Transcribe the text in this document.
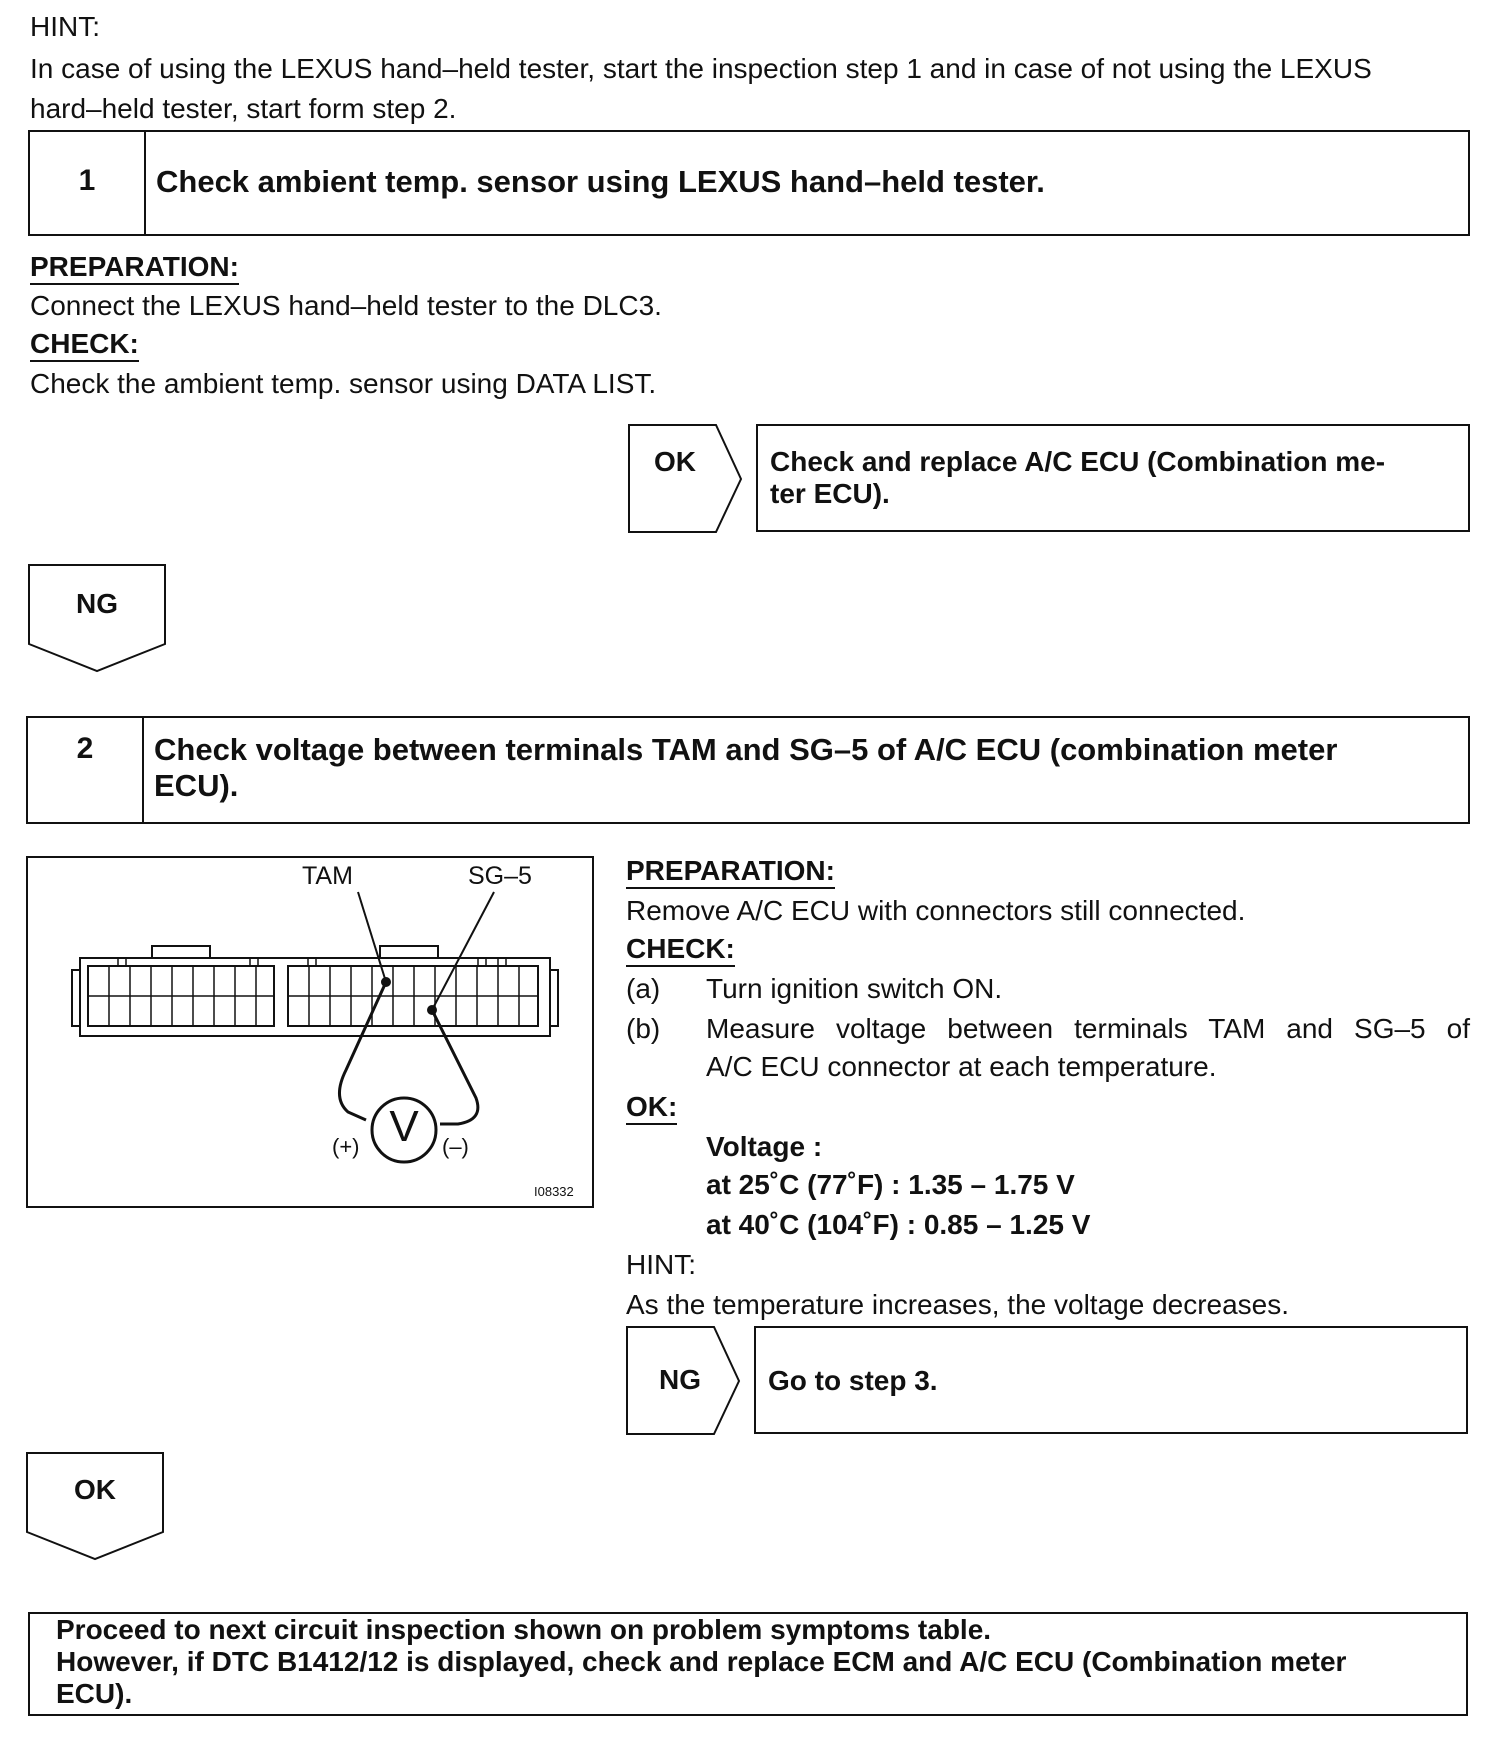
HINT:
In case of using the LEXUS hand–held tester, start the inspection step 1 and in case of not using the LEXUS
hard–held tester, start form step 2.
1	Check ambient temp. sensor using LEXUS hand–held tester.
PREPARATION:
Connect the LEXUS hand–held tester to the DLC3.
CHECK:
Check the ambient temp. sensor using DATA LIST.
OK	Check and replace A/C ECU (Combination me-
ter ECU).
NG
2	Check voltage between terminals TAM and SG–5 of A/C ECU (combination meter
ECU).
TAM	SG–5
V
(+)	(–)
I08332
PREPARATION:
Remove A/C ECU with connectors still connected.
CHECK:
(a) Turn ignition switch ON.
(b) Measure voltage between terminals TAM and SG–5 of
A/C ECU connector at each temperature.
OK:
Voltage :
at 25˚C (77˚F) : 1.35 – 1.75 V
at 40˚C (104˚F) : 0.85 – 1.25 V
HINT:
As the temperature increases, the voltage decreases.
NG	Go to step 3.
OK
Proceed to next circuit inspection shown on problem symptoms table.
However, if DTC B1412/12 is displayed, check and replace ECM and A/C ECU (Combination meter
ECU).
